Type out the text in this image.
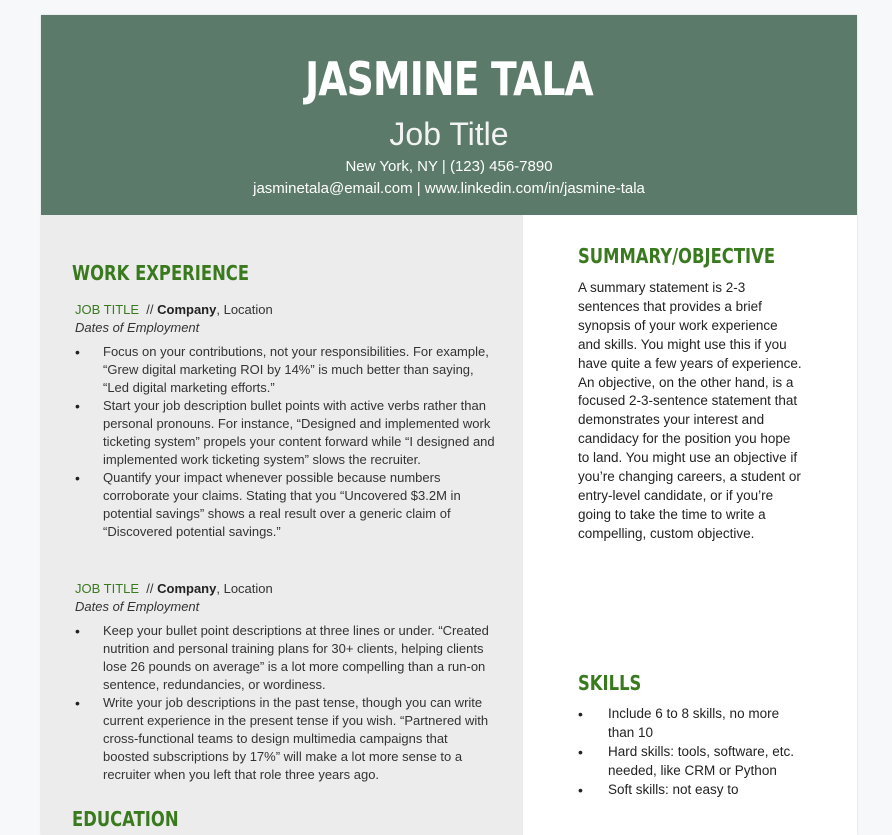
JASMINE TALA
Job Title
New York, NY | (123) 456-7890
jasminetala@email.com | www.linkedin.com/in/jasmine-tala
WORK EXPERIENCE
JOB TITLE  // Company, Location
Dates of Employment
• Focus on your contributions, not your responsibilities. For example, “Grew digital marketing ROI by 14%” is much better than saying, “Led digital marketing efforts.”
• Start your job description bullet points with active verbs rather than personal pronouns. For instance, “Designed and implemented work ticketing system” propels your content forward while “I designed and implemented work ticketing system” slows the recruiter.
• Quantify your impact whenever possible because numbers corroborate your claims. Stating that you “Uncovered $3.2M in potential savings” shows a real result over a generic claim of “Discovered potential savings.”
JOB TITLE  // Company, Location
Dates of Employment
• Keep your bullet point descriptions at three lines or under. “Created nutrition and personal training plans for 30+ clients, helping clients lose 26 pounds on average” is a lot more compelling than a run-on sentence, redundancies, or wordiness.
• Write your job descriptions in the past tense, though you can write current experience in the present tense if you wish. “Partnered with cross-functional teams to design multimedia campaigns that boosted subscriptions by 17%” will make a lot more sense to a recruiter when you left that role three years ago.
EDUCATION
SUMMARY/OBJECTIVE
A summary statement is 2-3 sentences that provides a brief synopsis of your work experience and skills. You might use this if you have quite a few years of experience. An objective, on the other hand, is a focused 2-3-sentence statement that demonstrates your interest and candidacy for the position you hope to land. You might use an objective if you’re changing careers, a student or entry-level candidate, or if you’re going to take the time to write a compelling, custom objective.
SKILLS
• Include 6 to 8 skills, no more than 10
• Hard skills: tools, software, etc. needed, like CRM or Python
• Soft skills: not easy to
